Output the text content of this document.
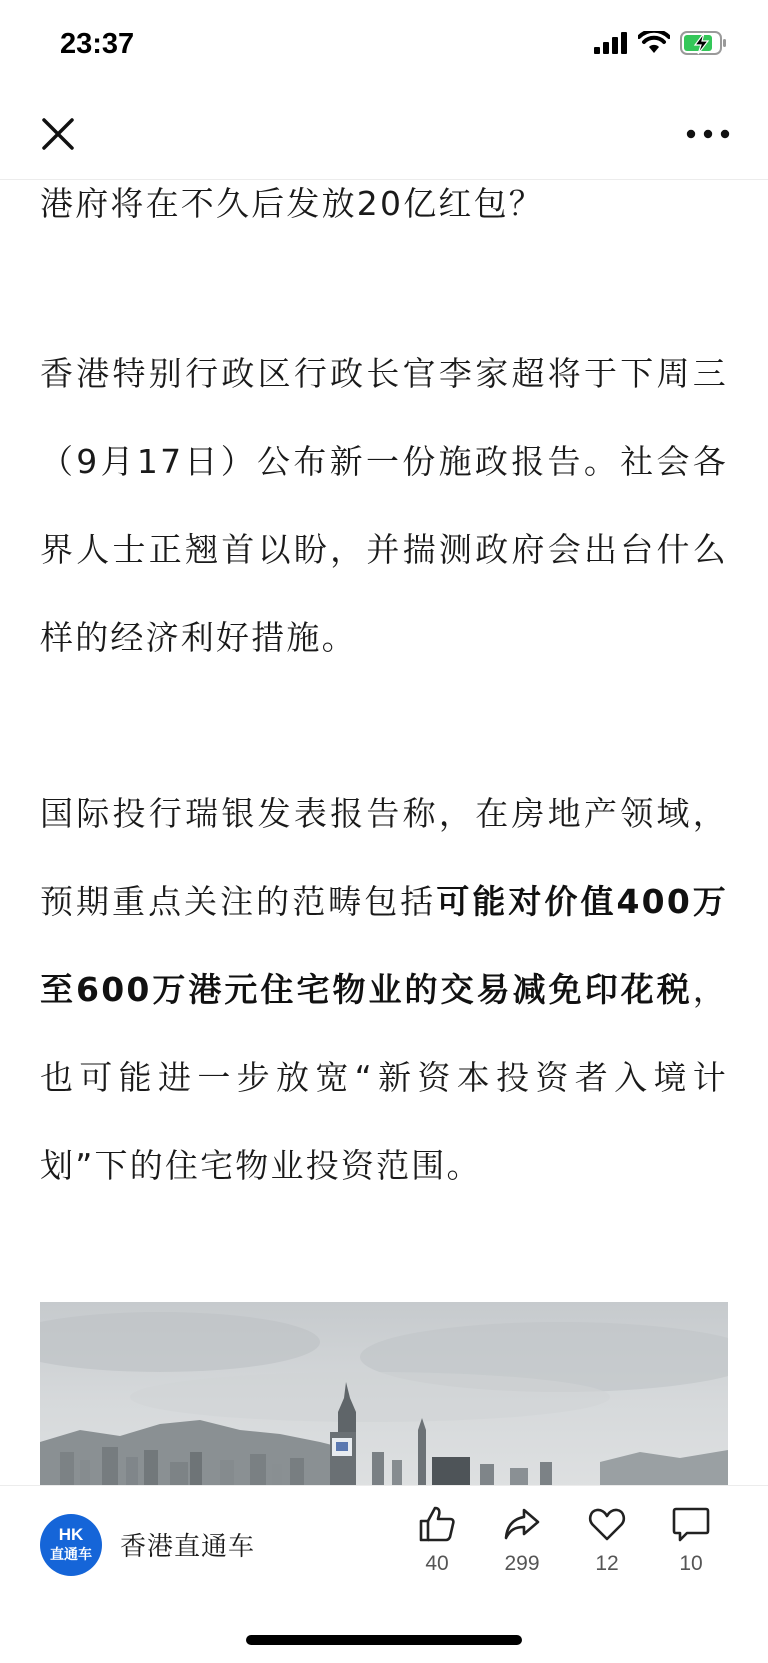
23:37

港府将在不久后发放20亿红包？

香港特别行政区行政长官李家超将于下周三（9月17日）公布新一份施政报告。社会各界人士正翘首以盼，并揣测政府会出台什么样的经济利好措施。

国际投行瑞银发表报告称，在房地产领域，预期重点关注的范畴包括可能对价值400万至600万港元住宅物业的交易减免印花税，也可能进一步放宽“新资本投资者入境计划”下的住宅物业投资范围。

HK
直通车 香港直通车
40	299	12	10
